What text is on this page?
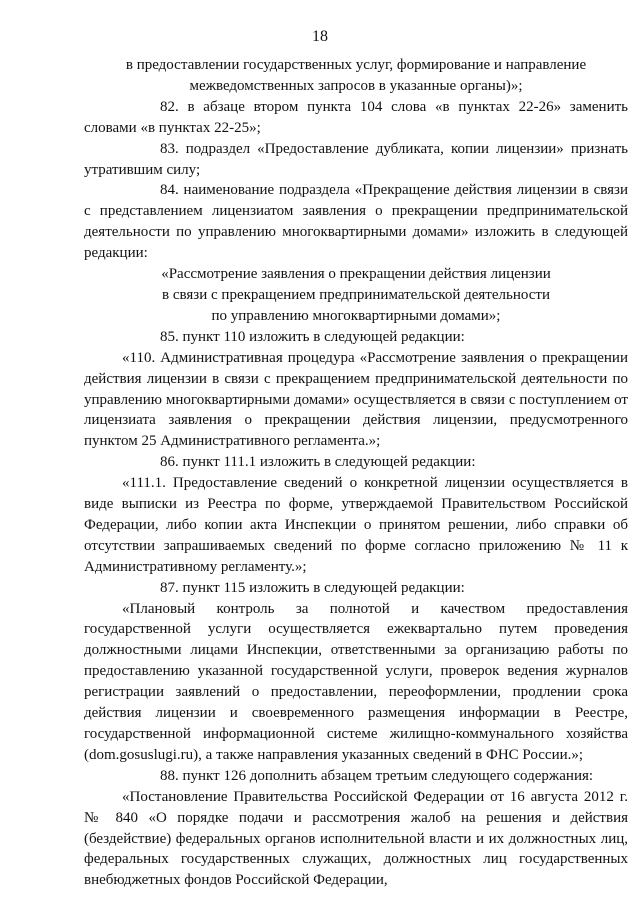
18

в предоставлении государственных услуг, формирование и направление межведомственных запросов в указанные органы)»;

82. в абзаце втором пункта 104 слова «в пунктах 22-26» заменить словами «в пунктах 22-25»;

83. подраздел «Предоставление дубликата, копии лицензии» признать утратившим силу;

84. наименование подраздела «Прекращение действия лицензии в связи с представлением лицензиатом заявления о прекращении предпринимательской деятельности по управлению многоквартирными домами» изложить в следующей редакции:

«Рассмотрение заявления о прекращении действия лицензии
в связи с прекращением предпринимательской деятельности
по управлению многоквартирными домами»;

85. пункт 110 изложить в следующей редакции:

«110. Административная процедура «Рассмотрение заявления о прекращении действия лицензии в связи с прекращением предпринимательской деятельности по управлению многоквартирными домами» осуществляется в связи с поступлением от лицензиата заявления о прекращении действия лицензии, предусмотренного пунктом 25 Административного регламента.»;

86. пункт 111.1 изложить в следующей редакции:

«111.1. Предоставление сведений о конкретной лицензии осуществляется в виде выписки из Реестра по форме, утверждаемой Правительством Российской Федерации, либо копии акта Инспекции о принятом решении, либо справки об отсутствии запрашиваемых сведений по форме согласно приложению № 11 к Административному регламенту.»;

87. пункт 115 изложить в следующей редакции:

«Плановый контроль за полнотой и качеством предоставления государственной услуги осуществляется ежеквартально путем проведения должностными лицами Инспекции, ответственными за организацию работы по предоставлению указанной государственной услуги, проверок ведения журналов регистрации заявлений о предоставлении, переоформлении, продлении срока действия лицензии и своевременного размещения информации в Реестре, государственной информационной системе жилищно-коммунального хозяйства (dom.gosuslugi.ru), а также направления указанных сведений в ФНС России.»;

88. пункт 126 дополнить абзацем третьим следующего содержания:

«Постановление Правительства Российской Федерации от 16 августа 2012 г. № 840 «О порядке подачи и рассмотрения жалоб на решения и действия (бездействие) федеральных органов исполнительной власти и их должностных лиц, федеральных государственных служащих, должностных лиц государственных внебюджетных фондов Российской Федерации,
